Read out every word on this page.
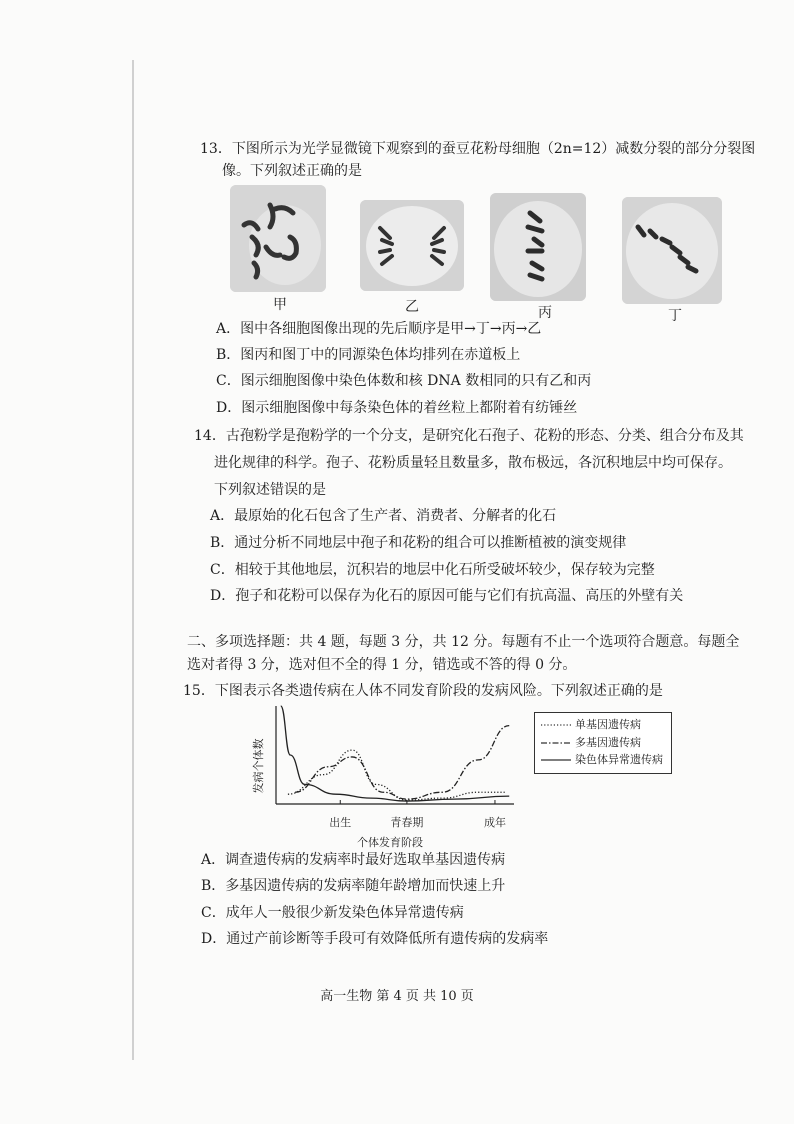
13．下图所示为光学显微镜下观察到的蚕豆花粉母细胞（2n=12）减数分裂的部分分裂图
像。下列叙述正确的是
甲	乙	丙	丁
A．图中各细胞图像出现的先后顺序是甲→丁→丙→乙
B．图丙和图丁中的同源染色体均排列在赤道板上
C．图示细胞图像中染色体数和核 DNA 数相同的只有乙和丙
D．图示细胞图像中每条染色体的着丝粒上都附着有纺锤丝
14．古孢粉学是孢粉学的一个分支，是研究化石孢子、花粉的形态、分类、组合分布及其
进化规律的科学。孢子、花粉质量轻且数量多，散布极远，各沉积地层中均可保存。
下列叙述错误的是
A．最原始的化石包含了生产者、消费者、分解者的化石
B．通过分析不同地层中孢子和花粉的组合可以推断植被的演变规律
C．相较于其他地层，沉积岩的地层中化石所受破坏较少，保存较为完整
D．孢子和花粉可以保存为化石的原因可能与它们有抗高温、高压的外壁有关
二、多项选择题：共 4 题，每题 3 分，共 12 分。每题有不止一个选项符合题意。每题全
选对者得 3 分，选对但不全的得 1 分，错选或不答的得 0 分。
15．下图表示各类遗传病在人体不同发育阶段的发病风险。下列叙述正确的是
出生	青春期	成年
发病个体数
个体发育阶段
单基因遗传病
多基因遗传病
染色体异常遗传病
A．调查遗传病的发病率时最好选取单基因遗传病
B．多基因遗传病的发病率随年龄增加而快速上升
C．成年人一般很少新发染色体异常遗传病
D．通过产前诊断等手段可有效降低所有遗传病的发病率
高一生物 第 4 页 共 10 页
